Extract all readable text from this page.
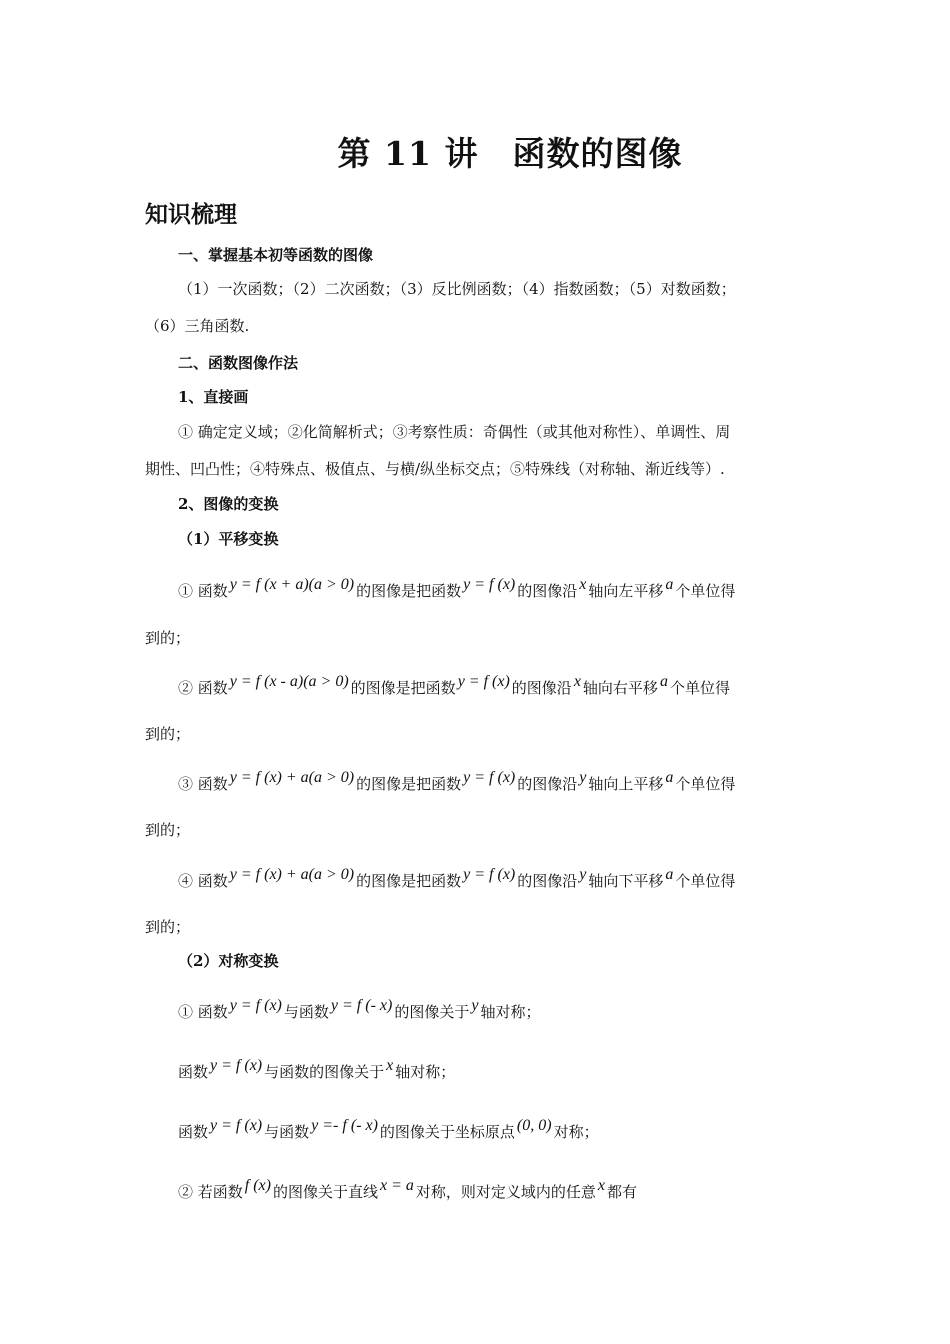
第 11 讲 函数的图像
知识梳理
一、掌握基本初等函数的图像
（1）一次函数；（2）二次函数；（3）反比例函数；（4）指数函数；（5）对数函数；
（6）三角函数.
二、函数图像作法
1、直接画
① 确定定义域；②化简解析式；③考察性质：奇偶性（或其他对称性）、单调性、周
期性、凹凸性；④特殊点、极值点、与横/纵坐标交点；⑤特殊线（对称轴、渐近线等）.
2、图像的变换
（1）平移变换
① 函数 y = f (x + a)(a > 0) 的图像是把函数 y = f (x) 的图像沿 x 轴向左平移 a 个单位得
到的；
② 函数 y = f (x - a)(a > 0) 的图像是把函数 y = f (x) 的图像沿 x 轴向右平移 a 个单位得
到的；
③ 函数 y = f (x) + a(a > 0) 的图像是把函数 y = f (x) 的图像沿 y 轴向上平移 a 个单位得
到的；
④ 函数 y = f (x) + a(a > 0) 的图像是把函数 y = f (x) 的图像沿 y 轴向下平移 a 个单位得
到的；
（2）对称变换
① 函数 y = f (x) 与函数 y = f (- x) 的图像关于 y 轴对称；
函数 y = f (x) 与函数的图像关于 x 轴对称；
函数 y = f (x) 与函数 y =- f (- x) 的图像关于坐标原点 (0, 0) 对称；
② 若函数 f (x) 的图像关于直线 x = a 对称，则对定义域内的任意 x 都有
